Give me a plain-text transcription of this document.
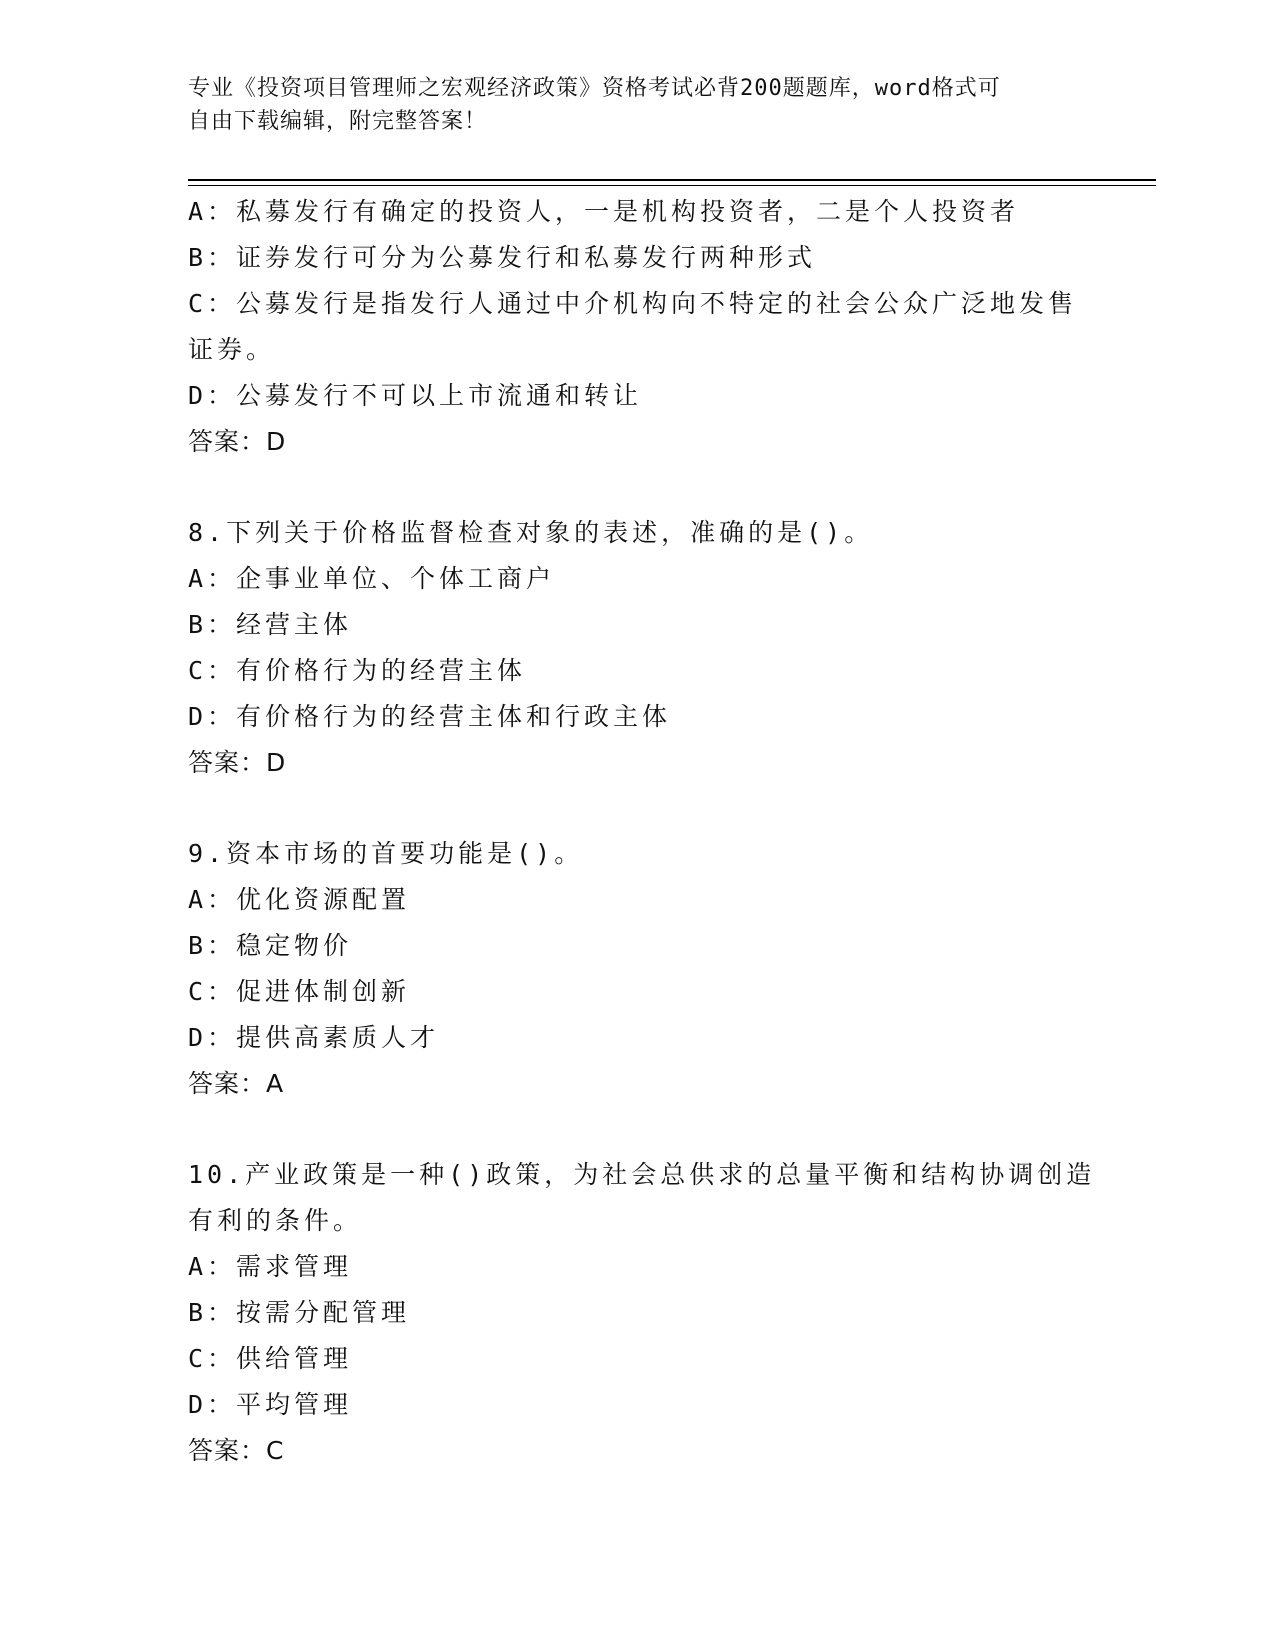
专业《投资项目管理师之宏观经济政策》资格考试必背200题题库，word格式可
自由下载编辑，附完整答案！
A：私募发行有确定的投资人，一是机构投资者，二是个人投资者
B：证券发行可分为公募发行和私募发行两种形式
C：公募发行是指发行人通过中介机构向不特定的社会公众广泛地发售
证券。
D：公募发行不可以上市流通和转让
答案：D
8.下列关于价格监督检查对象的表述，准确的是()。
A：企事业单位、个体工商户
B：经营主体
C：有价格行为的经营主体
D：有价格行为的经营主体和行政主体
答案：D
9.资本市场的首要功能是()。
A：优化资源配置
B：稳定物价
C：促进体制创新
D：提供高素质人才
答案：A
10.产业政策是一种()政策，为社会总供求的总量平衡和结构协调创造
有利的条件。
A：需求管理
B：按需分配管理
C：供给管理
D：平均管理
答案：C
